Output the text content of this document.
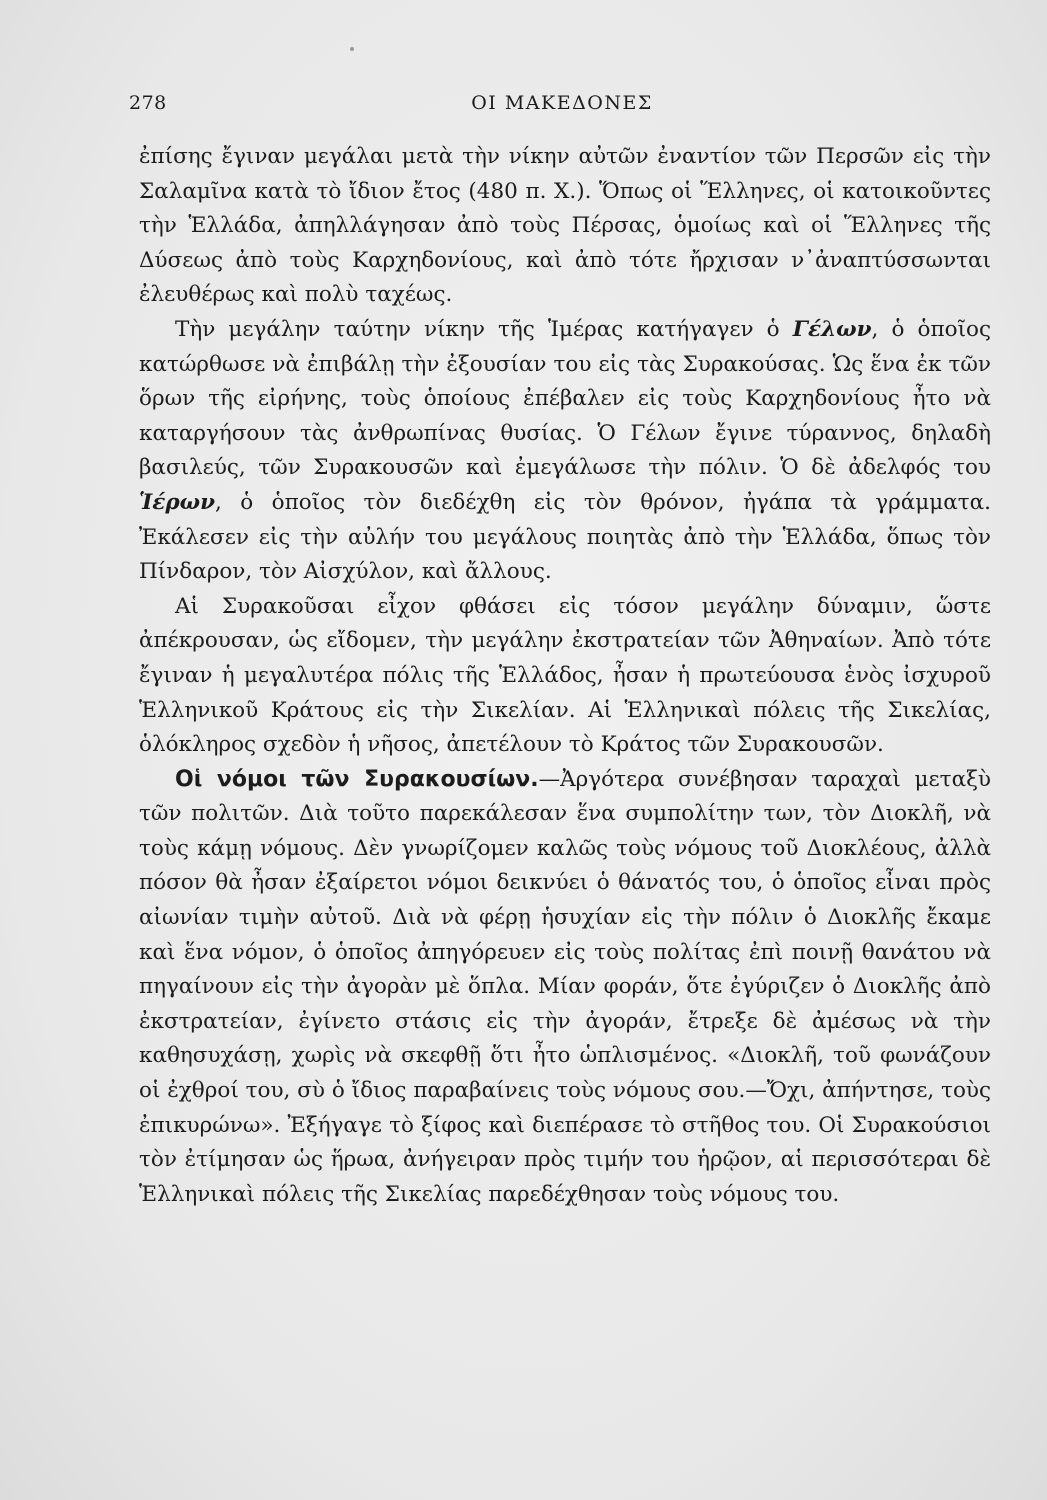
278	ΟΙ ΜΑΚΕΔΟΝΕΣ

ἐπίσης ἔγιναν μεγάλαι μετὰ τὴν νίκην αὐτῶν ἐναντίον τῶν Περσῶν εἰς τὴν Σαλαμῖνα κατὰ τὸ ἴδιον ἔτος (480 π. Χ.). Ὅπως οἱ Ἕλληνες, οἱ κατοικοῦντες τὴν Ἑλλάδα, ἀπηλλάγησαν ἀπὸ τοὺς Πέρσας, ὁμοίως καὶ οἱ Ἕλληνες τῆς Δύσεως ἀπὸ τοὺς Καρχηδονίους, καὶ ἀπὸ τότε ἤρχισαν ν᾽ἀναπτύσσωνται ἐλευθέρως καὶ πολὺ ταχέως.

Τὴν μεγάλην ταύτην νίκην τῆς Ἱμέρας κατήγαγεν ὁ Γέλων, ὁ ὁποῖος κατώρθωσε νὰ ἐπιβάλῃ τὴν ἐξουσίαν του εἰς τὰς Συρακούσας. Ὡς ἕνα ἐκ τῶν ὅρων τῆς εἰρήνης, τοὺς ὁποίους ἐπέβαλεν εἰς τοὺς Καρχηδονίους ἦτο νὰ καταργήσουν τὰς ἀνθρωπίνας θυσίας. Ὁ Γέλων ἔγινε τύραννος, δηλαδὴ βασιλεύς, τῶν Συρακουσῶν καὶ ἐμεγάλωσε τὴν πόλιν. Ὁ δὲ ἀδελφός του Ἱέρων, ὁ ὁποῖος τὸν διεδέχθη εἰς τὸν θρόνον, ἠγάπα τὰ γράμματα. Ἐκάλεσεν εἰς τὴν αὐλήν του μεγάλους ποιητὰς ἀπὸ τὴν Ἑλλάδα, ὅπως τὸν Πίνδαρον, τὸν Αἰσχύλον, καὶ ἄλλους.

Αἱ Συρακοῦσαι εἶχον φθάσει εἰς τόσον μεγάλην δύναμιν, ὥστε ἀπέκρουσαν, ὡς εἴδομεν, τὴν μεγάλην ἐκστρατείαν τῶν Ἀθηναίων. Ἀπὸ τότε ἔγιναν ἡ μεγαλυτέρα πόλις τῆς Ἑλλάδος, ἦσαν ἡ πρωτεύουσα ἑνὸς ἰσχυροῦ Ἑλληνικοῦ Κράτους εἰς τὴν Σικελίαν. Αἱ Ἑλληνικαὶ πόλεις τῆς Σικελίας, ὁλόκληρος σχεδὸν ἡ νῆσος, ἀπετέλουν τὸ Κράτος τῶν Συρακουσῶν.

Οἱ νόμοι τῶν Συρακουσίων.—Ἀργότερα συνέβησαν ταραχαὶ μεταξὺ τῶν πολιτῶν. Διὰ τοῦτο παρεκάλεσαν ἕνα συμπολίτην των, τὸν Διοκλῆ, νὰ τοὺς κάμῃ νόμους. Δὲν γνωρίζομεν καλῶς τοὺς νόμους τοῦ Διοκλέους, ἀλλὰ πόσον θὰ ἦσαν ἐξαίρετοι νόμοι δεικνύει ὁ θάνατός του, ὁ ὁποῖος εἶναι πρὸς αἰωνίαν τιμὴν αὐτοῦ. Διὰ νὰ φέρῃ ἡσυχίαν εἰς τὴν πόλιν ὁ Διοκλῆς ἔκαμε καὶ ἕνα νόμον, ὁ ὁποῖος ἀπηγόρευεν εἰς τοὺς πολίτας ἐπὶ ποινῇ θανάτου νὰ πηγαίνουν εἰς τὴν ἀγορὰν μὲ ὅπλα. Μίαν φοράν, ὅτε ἐγύριζεν ὁ Διοκλῆς ἀπὸ ἐκστρατείαν, ἐγίνετο στάσις εἰς τὴν ἀγοράν, ἔτρεξε δὲ ἀμέσως νὰ τὴν καθησυχάσῃ, χωρὶς νὰ σκεφθῇ ὅτι ἦτο ὡπλισμένος. «Διοκλῆ, τοῦ φωνάζουν οἱ ἐχθροί του, σὺ ὁ ἴδιος παραβαίνεις τοὺς νόμους σου.—Ὄχι, ἀπήντησε, τοὺς ἐπικυρώνω». Ἐξήγαγε τὸ ξίφος καὶ διεπέρασε τὸ στῆθος του. Οἱ Συρακούσιοι τὸν ἐτίμησαν ὡς ἥρωα, ἀνήγειραν πρὸς τιμήν του ἡρῷον, αἱ περισσότεραι δὲ Ἑλληνικαὶ πόλεις τῆς Σικελίας παρεδέχθησαν τοὺς νόμους του.
